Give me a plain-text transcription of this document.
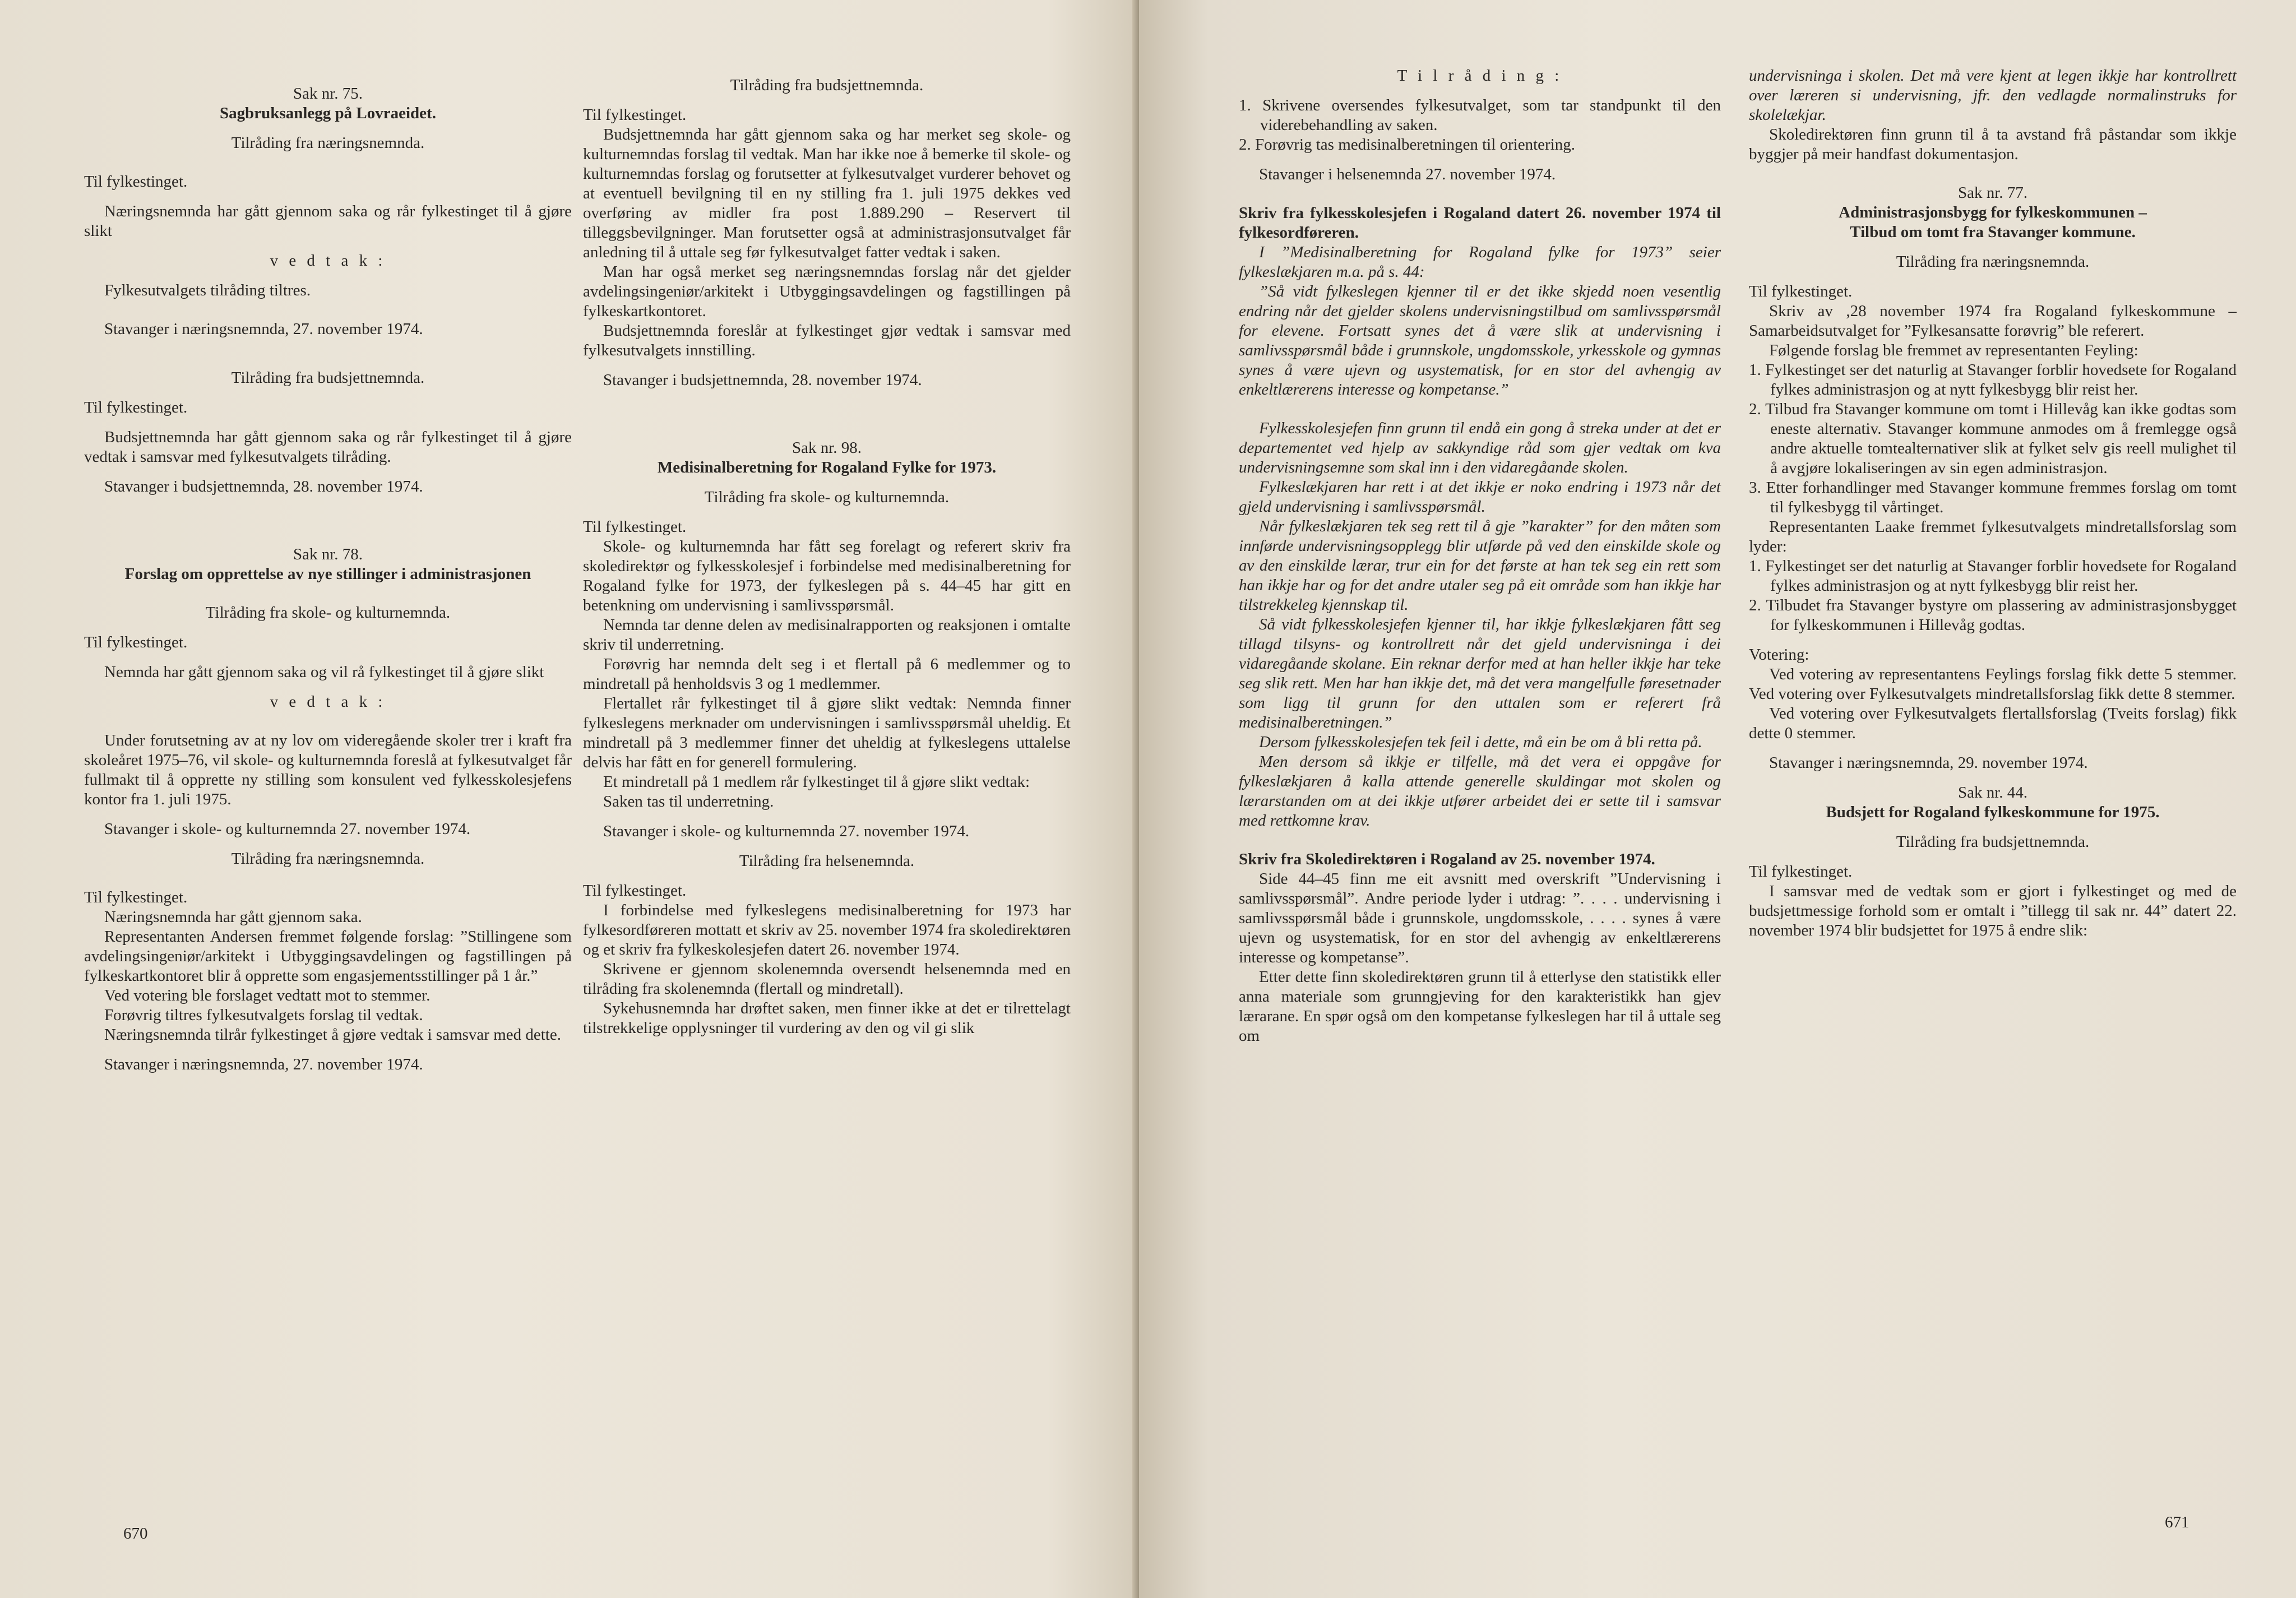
Sak nr. 75.

Sagbruksanlegg på Lovraeidet.

Tilråding fra næringsnemnda.

Til fylkestinget.

Næringsnemnda har gått gjennom saka og rår fylkestinget til å gjøre slikt

v e d t a k :

Fylkesutvalgets tilråding tiltres.

Stavanger i næringsnemnda, 27. november 1974.

Tilråding fra budsjettnemnda.

Til fylkestinget.

Budsjettnemnda har gått gjennom saka og rår fylkestinget til å gjøre vedtak i samsvar med fylkesutvalgets tilråding.

Stavanger i budsjettnemnda, 28. november 1974.

Sak nr. 78.

Forslag om opprettelse av nye stillinger i administrasjonen

Tilråding fra skole- og kulturnemnda.

Til fylkestinget.

Nemnda har gått gjennom saka og vil rå fylkestinget til å gjøre slikt

v e d t a k :

Under forutsetning av at ny lov om videregående skoler trer i kraft fra skoleåret 1975–76, vil skole- og kulturnemnda foreslå at fylkesutvalget får fullmakt til å opprette ny stilling som konsulent ved fylkesskolesjefens kontor fra 1. juli 1975.

Stavanger i skole- og kulturnemnda 27. november 1974.

Tilråding fra næringsnemnda.

Til fylkestinget.

Næringsnemnda har gått gjennom saka.

Representanten Andersen fremmet følgende forslag: ”Stillingene som avdelingsingeniør/arkitekt i Utbyggingsavdelingen og fagstillingen på fylkeskartkontoret blir å opprette som engasjementsstillinger på 1 år.”

Ved votering ble forslaget vedtatt mot to stemmer.

Forøvrig tiltres fylkesutvalgets forslag til vedtak.

Næringsnemnda tilrår fylkestinget å gjøre vedtak i samsvar med dette.

Stavanger i næringsnemnda, 27. november 1974.

Tilråding fra budsjettnemnda.

Til fylkestinget.

Budsjettnemnda har gått gjennom saka og har merket seg skole- og kulturnemndas forslag til vedtak. Man har ikke noe å bemerke til skole- og kulturnemndas forslag og forutsetter at fylkesutvalget vurderer behovet og at eventuell bevilgning til en ny stilling fra 1. juli 1975 dekkes ved overføring av midler fra post 1.889.290 – Reservert til tilleggsbevilgninger. Man forutsetter også at administrasjonsutvalget får anledning til å uttale seg før fylkesutvalget fatter vedtak i saken.

Man har også merket seg næringsnemndas forslag når det gjelder avdelingsingeniør/arkitekt i Utbyggingsavdelingen og fagstillingen på fylkeskartkontoret.

Budsjettnemnda foreslår at fylkestinget gjør vedtak i samsvar med fylkesutvalgets innstilling.

Stavanger i budsjettnemnda, 28. november 1974.

Sak nr. 98.

Medisinalberetning for Rogaland Fylke for 1973.

Tilråding fra skole- og kulturnemnda.

Til fylkestinget.

Skole- og kulturnemnda har fått seg forelagt og referert skriv fra skoledirektør og fylkesskolesjef i forbindelse med medisinalberetning for Rogaland fylke for 1973, der fylkeslegen på s. 44–45 har gitt en betenkning om undervisning i samlivsspørsmål.

Nemnda tar denne delen av medisinalrapporten og reaksjonen i omtalte skriv til underretning.

Forøvrig har nemnda delt seg i et flertall på 6 medlemmer og to mindretall på henholdsvis 3 og 1 medlemmer.

Flertallet rår fylkestinget til å gjøre slikt vedtak: Nemnda finner fylkeslegens merknader om undervisningen i samlivsspørsmål uheldig. Et mindretall på 3 medlemmer finner det uheldig at fylkeslegens uttalelse delvis har fått en for generell formulering.

Et mindretall på 1 medlem rår fylkestinget til å gjøre slikt vedtak:

Saken tas til underretning.

Stavanger i skole- og kulturnemnda 27. november 1974.

Tilråding fra helsenemnda.

Til fylkestinget.

I forbindelse med fylkeslegens medisinalberetning for 1973 har fylkesordføreren mottatt et skriv av 25. november 1974 fra skoledirektøren og et skriv fra fylkeskolesjefen datert 26. november 1974.

Skrivene er gjennom skolenemnda oversendt helsenemnda med en tilråding fra skolenemnda (flertall og mindretall).

Sykehusnemnda har drøftet saken, men finner ikke at det er tilrettelagt tilstrekkelige opplysninger til vurdering av den og vil gi slik

670

T i l r å d i n g :

1. Skrivene oversendes fylkesutvalget, som tar standpunkt til den viderebehandling av saken.

2. Forøvrig tas medisinalberetningen til orientering.

Stavanger i helsenemnda 27. november 1974.

Skriv fra fylkesskolesjefen i Rogaland datert 26. november 1974 til fylkesordføreren.

I ”Medisinalberetning for Rogaland fylke for 1973” seier fylkeslækjaren m.a. på s. 44:

”Så vidt fylkeslegen kjenner til er det ikke skjedd noen vesentlig endring når det gjelder skolens undervisningstilbud om samlivsspørsmål for elevene. Fortsatt synes det å være slik at undervisning i samlivsspørsmål både i grunnskole, ungdomsskole, yrkesskole og gymnas synes å være ujevn og usystematisk, for en stor del avhengig av enkeltlærerens interesse og kompetanse.”

Fylkesskolesjefen finn grunn til endå ein gong å streka under at det er departementet ved hjelp av sakkyndige råd som gjer vedtak om kva undervisningsemne som skal inn i den vidaregåande skolen.

Fylkeslækjaren har rett i at det ikkje er noko endring i 1973 når det gjeld undervisning i samlivsspørsmål.

Når fylkeslækjaren tek seg rett til å gje ”karakter” for den måten som innførde undervisningsopplegg blir utførde på ved den einskilde skole og av den einskilde lærar, trur ein for det første at han tek seg ein rett som han ikkje har og for det andre utaler seg på eit område som han ikkje har tilstrekkeleg kjennskap til.

Så vidt fylkesskolesjefen kjenner til, har ikkje fylkeslækjaren fått seg tillagd tilsyns- og kontrollrett når det gjeld undervisninga i dei vidaregåande skolane. Ein reknar derfor med at han heller ikkje har teke seg slik rett. Men har han ikkje det, må det vera mangelfulle føresetnader som ligg til grunn for den uttalen som er referert frå medisinalberetningen.”

Dersom fylkesskolesjefen tek feil i dette, må ein be om å bli retta på.

Men dersom så ikkje er tilfelle, må det vera ei oppgåve for fylkeslækjaren å kalla attende generelle skuldingar mot skolen og lærarstanden om at dei ikkje utfører arbeidet dei er sette til i samsvar med rettkomne krav.

Skriv fra Skoledirektøren i Rogaland av 25. november 1974.

Side 44–45 finn me eit avsnitt med overskrift ”Undervisning i samlivsspørsmål”. Andre periode lyder i utdrag: ”. . . . undervisning i samlivsspørsmål både i grunnskole, ungdomsskole, . . . . synes å være ujevn og usystematisk, for en stor del avhengig av enkeltlærerens interesse og kompetanse”.

Etter dette finn skoledirektøren grunn til å etterlyse den statistikk eller anna materiale som grunngjeving for den karakteristikk han gjev lærarane. En spør også om den kompetanse fylkeslegen har til å uttale seg om

undervisninga i skolen. Det må vere kjent at legen ikkje har kontrollrett over læreren si undervisning, jfr. den vedlagde normalinstruks for skolelækjar.

Skoledirektøren finn grunn til å ta avstand frå påstandar som ikkje byggjer på meir handfast dokumentasjon.

Sak nr. 77.

Administrasjonsbygg for fylkeskommunen –

Tilbud om tomt fra Stavanger kommune.

Tilråding fra næringsnemnda.

Til fylkestinget.

Skriv av ,28 november 1974 fra Rogaland fylkeskommune – Samarbeidsutvalget for ”Fylkesansatte forøvrig” ble referert.

Følgende forslag ble fremmet av representanten Feyling:

1. Fylkestinget ser det naturlig at Stavanger forblir hovedsete for Rogaland fylkes administrasjon og at nytt fylkesbygg blir reist her.

2. Tilbud fra Stavanger kommune om tomt i Hillevåg kan ikke godtas som eneste alternativ. Stavanger kommune anmodes om å fremlegge også andre aktuelle tomtealternativer slik at fylket selv gis reell mulighet til å avgjøre lokaliseringen av sin egen administrasjon.

3. Etter forhandlinger med Stavanger kommune fremmes forslag om tomt til fylkesbygg til vårtinget.

Representanten Laake fremmet fylkesutvalgets mindretallsforslag som lyder:

1. Fylkestinget ser det naturlig at Stavanger forblir hovedsete for Rogaland fylkes administrasjon og at nytt fylkesbygg blir reist her.

2. Tilbudet fra Stavanger bystyre om plassering av administrasjonsbygget for fylkeskommunen i Hillevåg godtas.

Votering:

Ved votering av representantens Feylings forslag fikk dette 5 stemmer. Ved votering over Fylkesutvalgets mindretallsforslag fikk dette 8 stemmer.

Ved votering over Fylkesutvalgets flertallsforslag (Tveits forslag) fikk dette 0 stemmer.

Stavanger i næringsnemnda, 29. november 1974.

Sak nr. 44.

Budsjett for Rogaland fylkeskommune for 1975.

Tilråding fra budsjettnemnda.

Til fylkestinget.

I samsvar med de vedtak som er gjort i fylkestinget og med de budsjettmessige forhold som er omtalt i ”tillegg til sak nr. 44” datert 22. november 1974 blir budsjettet for 1975 å endre slik:

671
